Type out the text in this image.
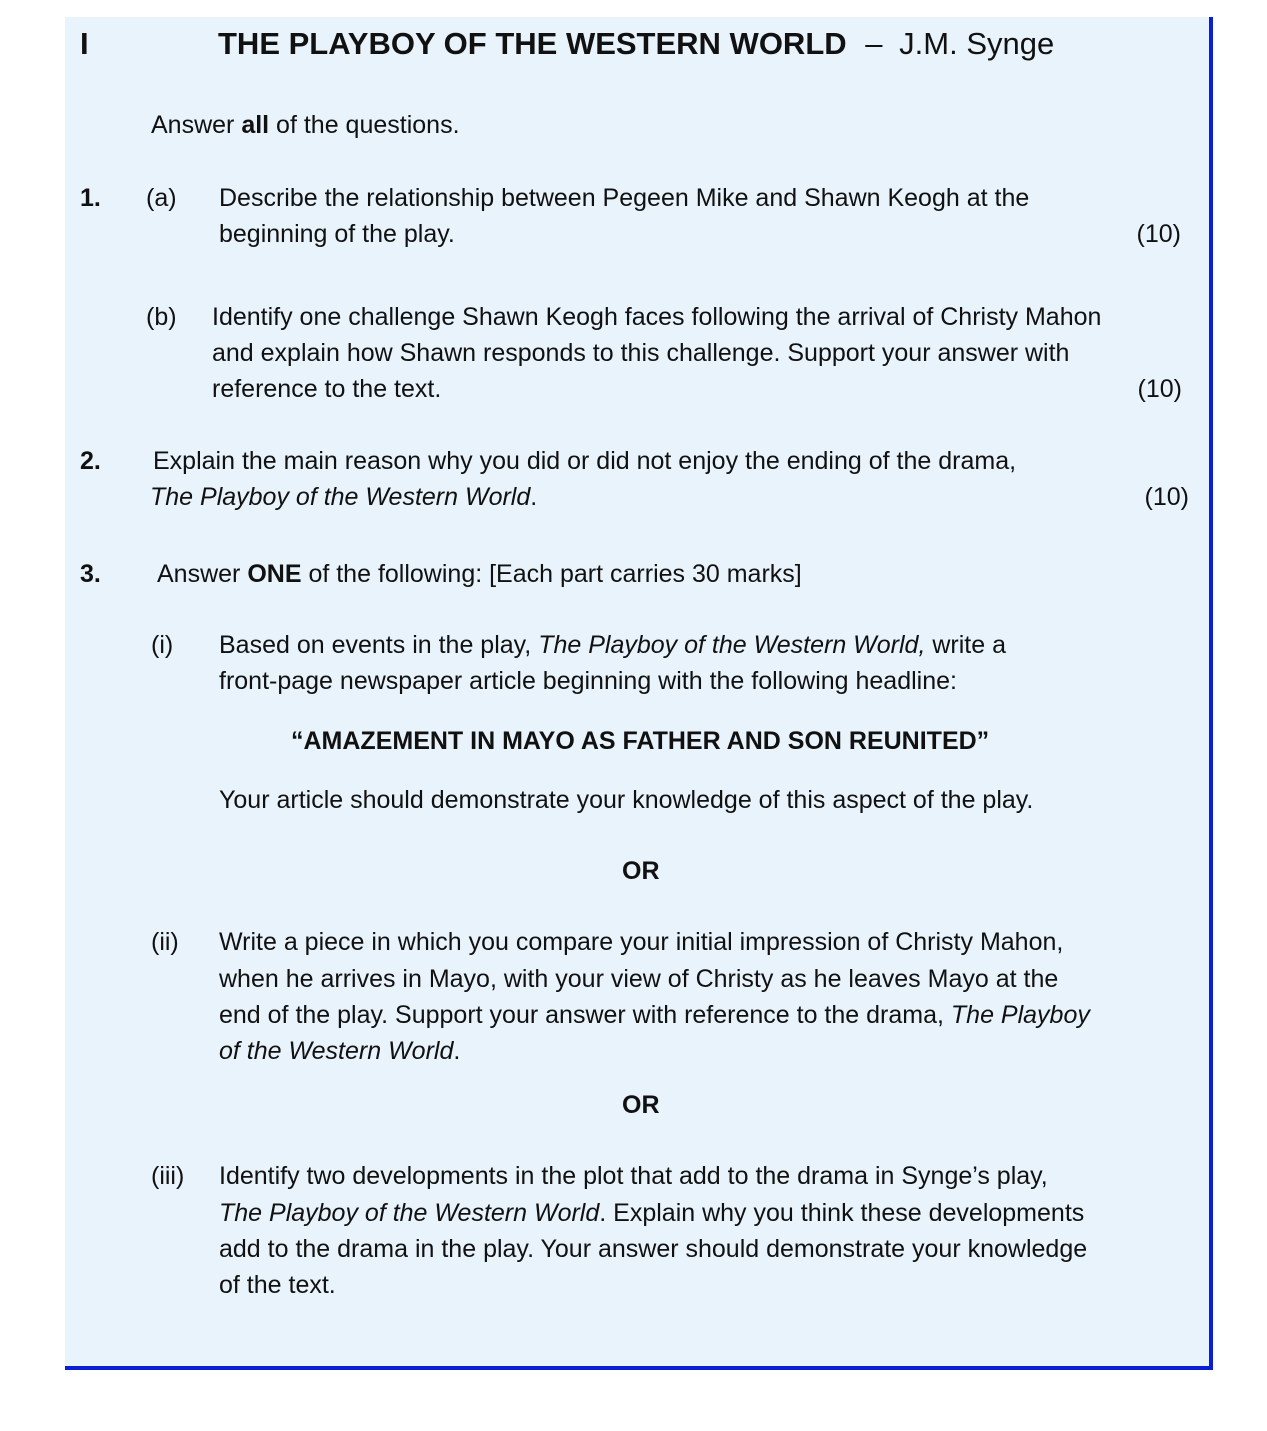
I	THE PLAYBOY OF THE WESTERN WORLD – J.M. Synge
Answer all of the questions.
1. (a) Describe the relationship between Pegeen Mike and Shawn Keogh at the
beginning of the play.	(10)
(b) Identify one challenge Shawn Keogh faces following the arrival of Christy Mahon
and explain how Shawn responds to this challenge. Support your answer with
reference to the text.	(10)
2. Explain the main reason why you did or did not enjoy the ending of the drama,
The Playboy of the Western World.	(10)
3. Answer ONE of the following: [Each part carries 30 marks]
(i) Based on events in the play, The Playboy of the Western World, write a
front-page newspaper article beginning with the following headline:
“AMAZEMENT IN MAYO AS FATHER AND SON REUNITED”
Your article should demonstrate your knowledge of this aspect of the play.
OR
(ii) Write a piece in which you compare your initial impression of Christy Mahon,
when he arrives in Mayo, with your view of Christy as he leaves Mayo at the
end of the play. Support your answer with reference to the drama, The Playboy
of the Western World.
OR
(iii) Identify two developments in the plot that add to the drama in Synge’s play,
The Playboy of the Western World. Explain why you think these developments
add to the drama in the play. Your answer should demonstrate your knowledge
of the text.
